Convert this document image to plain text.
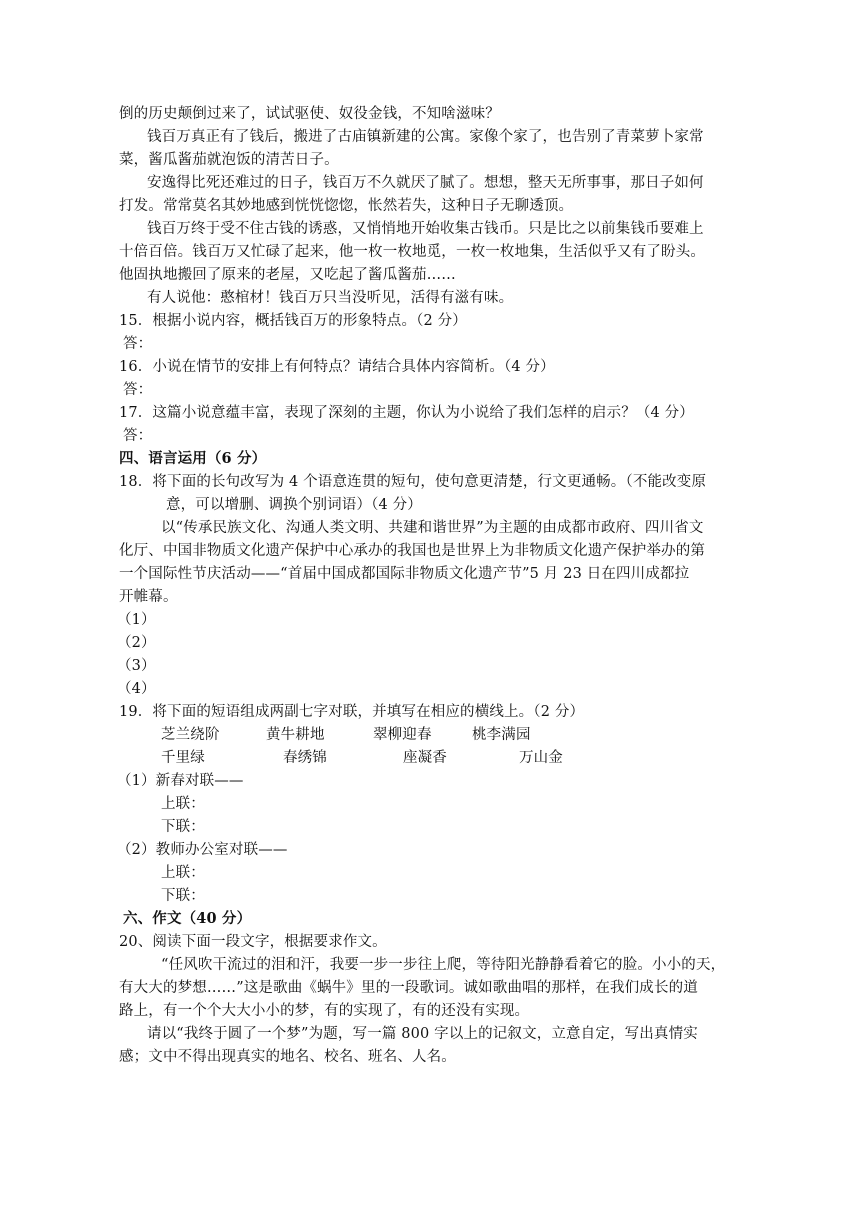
倒的历史颠倒过来了，试试驱使、奴役金钱，不知啥滋味？
钱百万真正有了钱后，搬进了古庙镇新建的公寓。家像个家了，也告别了青菜萝卜家常
菜，酱瓜酱茄就泡饭的清苦日子。
安逸得比死还难过的日子，钱百万不久就厌了腻了。想想，整天无所事事，那日子如何
打发。常常莫名其妙地感到恍恍惚惚，怅然若失，这种日子无聊透顶。
钱百万终于受不住古钱的诱惑，又悄悄地开始收集古钱币。只是比之以前集钱币要难上
十倍百倍。钱百万又忙碌了起来，他一枚一枚地觅，一枚一枚地集，生活似乎又有了盼头。
他固执地搬回了原来的老屋，又吃起了酱瓜酱茄……
有人说他：憨棺材！钱百万只当没听见，活得有滋有味。
15．根据小说内容，概括钱百万的形象特点。（2 分）
答：
16．小说在情节的安排上有何特点？请结合具体内容简析。（4 分）
答：
17．这篇小说意蕴丰富，表现了深刻的主题，你认为小说给了我们怎样的启示？（4 分）
答：
四、语言运用（6 分）
18．将下面的长句改写为 4 个语意连贯的短句，使句意更清楚，行文更通畅。（不能改变原
意，可以增删、调换个别词语）（4 分）
以“传承民族文化、沟通人类文明、共建和谐世界”为主题的由成都市政府、四川省文
化厅、中国非物质文化遗产保护中心承办的我国也是世界上为非物质文化遗产保护举办的第
一个国际性节庆活动——“首届中国成都国际非物质文化遗产节”5 月 23 日在四川成都拉
开帷幕。
（1）
（2）
（3）
（4）
19．将下面的短语组成两副七字对联，并填写在相应的横线上。（2 分）
芝兰绕阶	黄牛耕地	翠柳迎春	桃李满园
千里绿	春绣锦	座凝香	万山金
（1）新春对联——
上联：
下联：
（2）教师办公室对联——
上联：
下联：
六、作文（40 分）
20、阅读下面一段文字，根据要求作文。
“任风吹干流过的泪和汗，我要一步一步往上爬，等待阳光静静看着它的脸。小小的天，
有大大的梦想……”这是歌曲《蜗牛》里的一段歌词。诚如歌曲唱的那样，在我们成长的道
路上，有一个个大大小小的梦，有的实现了，有的还没有实现。
请以“我终于圆了一个梦”为题，写一篇 800 字以上的记叙文，立意自定，写出真情实
感；文中不得出现真实的地名、校名、班名、人名。
